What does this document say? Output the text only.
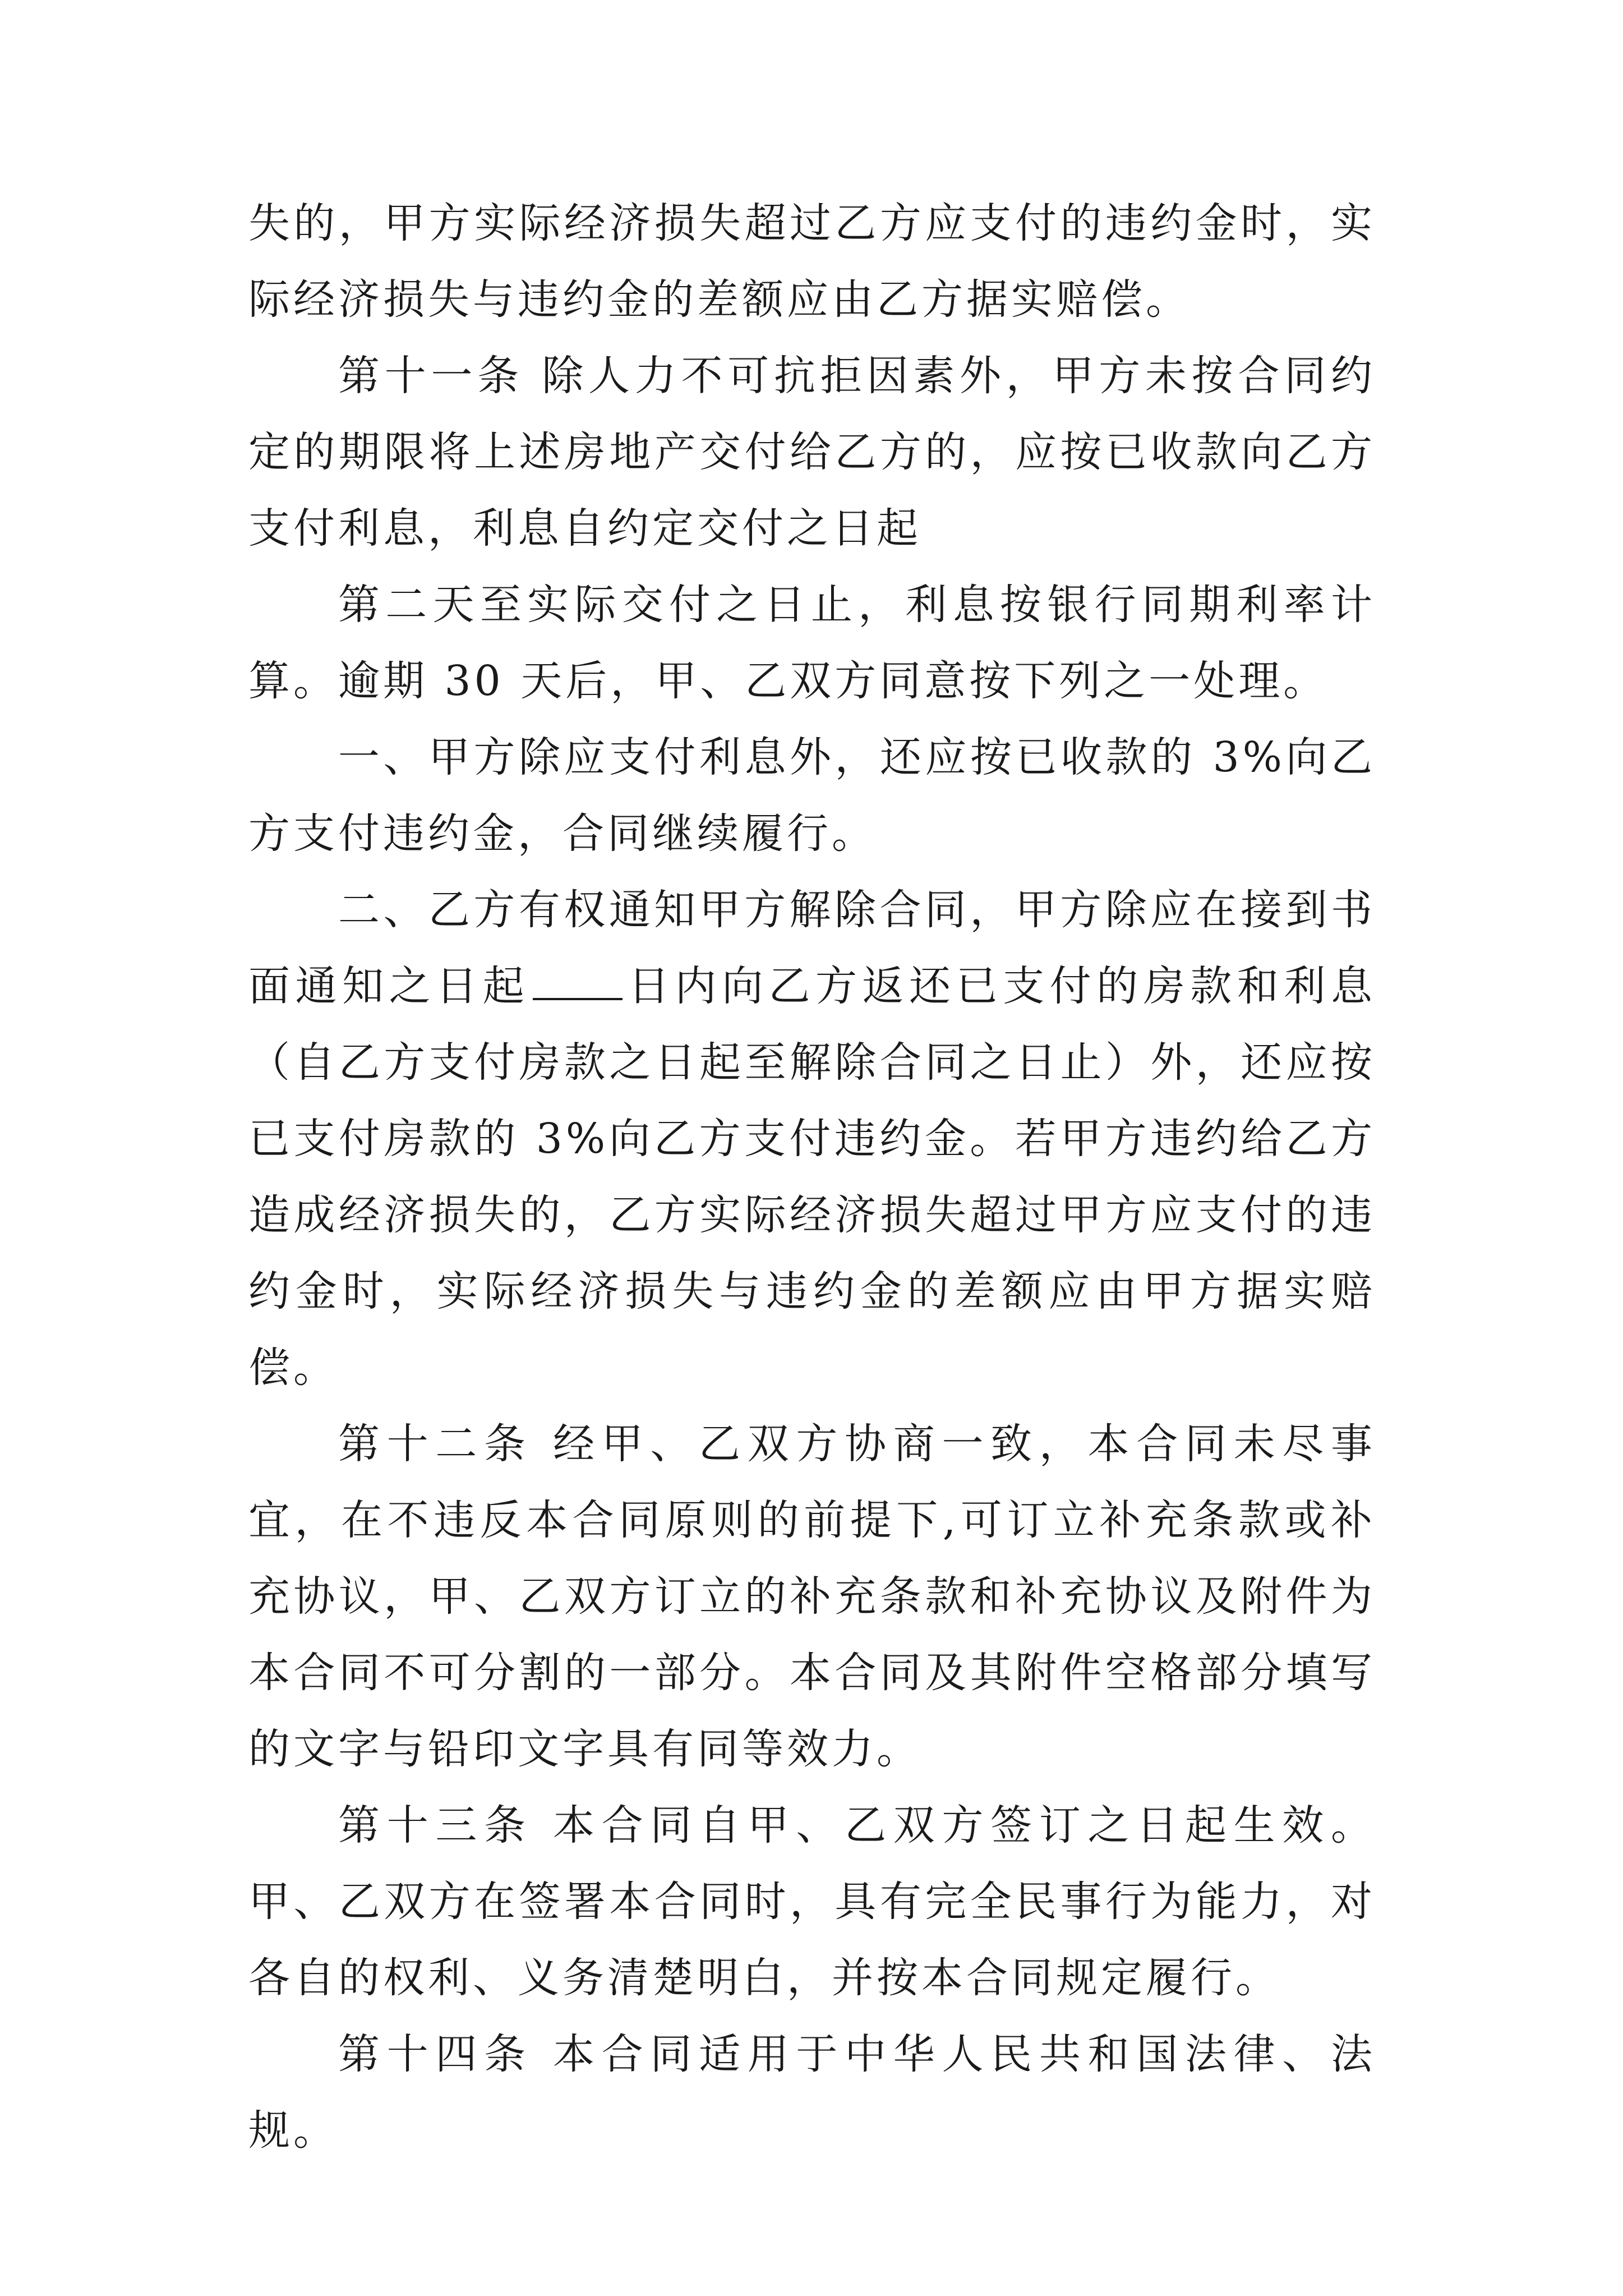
失的，甲方实际经济损失超过乙方应支付的违约金时，实际经济损失与违约金的差额应由乙方据实赔偿。

第十一条 除人力不可抗拒因素外，甲方未按合同约定的期限将上述房地产交付给乙方的，应按已收款向乙方支付利息，利息自约定交付之日起

第二天至实际交付之日止，利息按银行同期利率计算。逾期 30 天后，甲、乙双方同意按下列之一处理。

一、甲方除应支付利息外，还应按已收款的 3%向乙方支付违约金，合同继续履行。

二、乙方有权通知甲方解除合同，甲方除应在接到书面通知之日起 日内向乙方返还已支付的房款和利息（自乙方支付房款之日起至解除合同之日止）外，还应按已支付房款的 3%向乙方支付违约金。若甲方违约给乙方造成经济损失的，乙方实际经济损失超过甲方应支付的违约金时，实际经济损失与违约金的差额应由甲方据实赔偿。

第十二条 经甲、乙双方协商一致，本合同未尽事宜，在不违反本合同原则的前提下,可订立补充条款或补充协议，甲、乙双方订立的补充条款和补充协议及附件为本合同不可分割的一部分。本合同及其附件空格部分填写的文字与铅印文字具有同等效力。

第十三条 本合同自甲、乙双方签订之日起生效。甲、乙双方在签署本合同时，具有完全民事行为能力，对各自的权利、义务清楚明白，并按本合同规定履行。

第十四条 本合同适用于中华人民共和国法律、法规。
